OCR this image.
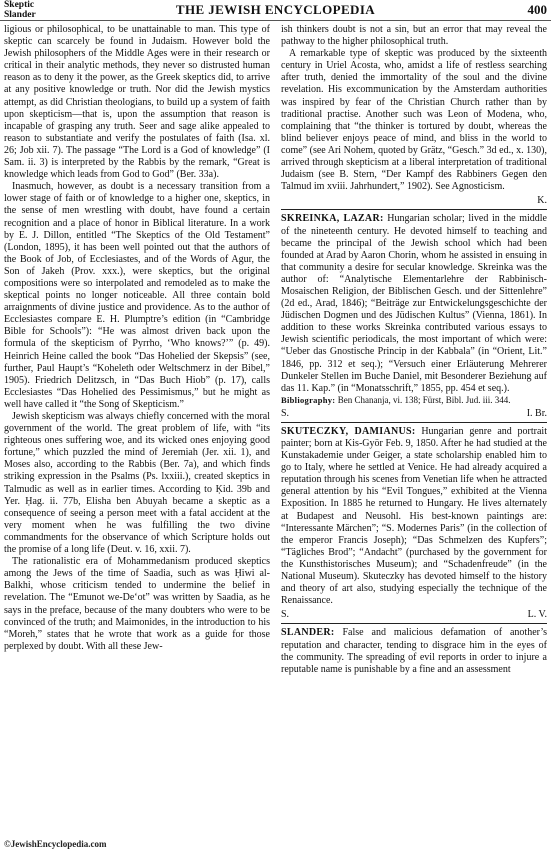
Skeptic
Slander	THE JEWISH ENCYCLOPEDIA	400

ligious or philosophical, to be unattainable to man. This type of skeptic can scarcely be found in Judaism. However bold the Jewish philosophers of the Middle Ages were in their research or critical in their analytic methods, they never so distrusted human reason as to deny it the power, as the Greek skeptics did, to arrive at any positive knowledge or truth. Nor did the Jewish mystics attempt, as did Christian theologians, to build up a system of faith upon skepticism—that is, upon the assumption that reason is incapable of grasping any truth. Seer and sage alike appealed to reason to substantiate and verify the postulates of faith (Isa. xl. 26; Job xii. 7). The passage “The Lord is a God of knowledge” (I Sam. ii. 3) is interpreted by the Rabbis by the remark, “Great is knowledge which leads from God to God” (Ber. 33a).

Inasmuch, however, as doubt is a necessary transition from a lower stage of faith or of knowledge to a higher one, skeptics, in the sense of men wrestling with doubt, have found a certain recognition and a place of honor in Biblical literature. In a work by E. J. Dillon, entitled “The Skeptics of the Old Testament” (London, 1895), it has been well pointed out that the authors of the Book of Job, of Ecclesiastes, and of the Words of Agur, the Son of Jakeh (Prov. xxx.), were skeptics, but the original compositions were so interpolated and remodeled as to make the skeptical points no longer noticeable. All three contain bold arraignments of divine justice and providence. As to the author of Ecclesiastes compare E. H. Plumptre’s edition (in “Cambridge Bible for Schools”): “He was almost driven back upon the formula of the skepticism of Pyrrho, ‘Who knows?’” (p. 49). Heinrich Heine called the book “Das Hohelied der Skepsis” (see, further, Paul Haupt’s “Koheleth oder Weltschmerz in der Bibel,” 1905). Friedrich Delitzsch, in “Das Buch Hiob” (p. 17), calls Ecclesiastes “Das Hohelied des Pessimismus,” but he might as well have called it “the Song of Skepticism.”

Jewish skepticism was always chiefly concerned with the moral government of the world. The great problem of life, with “its righteous ones suffering woe, and its wicked ones enjoying good fortune,” which puzzled the mind of Jeremiah (Jer. xii. 1), and Moses also, according to the Rabbis (Ber. 7a), and which finds striking expression in the Psalms (Ps. lxxiii.), created skeptics in Talmudic as well as in earlier times. According to Ḳid. 39b and Yer. Ḥag. ii. 77b, Elisha ben Abuyah became a skeptic as a consequence of seeing a person meet with a fatal accident at the very moment when he was fulfilling the two divine commandments for the observance of which Scripture holds out the promise of a long life (Deut. v. 16, xxii. 7).

The rationalistic era of Mohammedanism produced skeptics among the Jews of the time of Saadia, such as was Ḥiwi al-Balkhi, whose criticism tended to undermine the belief in revelation. The “Emunot we-De‘ot” was written by Saadia, as he says in the preface, because of the many doubters who were to be convinced of the truth; and Maimonides, in the introduction to his “Moreh,” states that he wrote that work as a guide for those perplexed by doubt. With all these Jew-

ish thinkers doubt is not a sin, but an error that may reveal the pathway to the higher philosophical truth.

A remarkable type of skeptic was produced by the sixteenth century in Uriel Acosta, who, amidst a life of restless searching after truth, denied the immortality of the soul and the divine revelation. His excommunication by the Amsterdam authorities was inspired by fear of the Christian Church rather than by traditional practise. Another such was Leon of Modena, who, complaining that “the thinker is tortured by doubt, whereas the blind believer enjoys peace of mind, and bliss in the world to come” (see Ari Nohem, quoted by Grätz, “Gesch.” 3d ed., x. 130), arrived through skepticism at a liberal interpretation of traditional Judaism (see B. Stern, “Der Kampf des Rabbiners Gegen den Talmud im xviii. Jahrhundert,” 1902). See Agnosticism.

K.

SKREINKA, LAZAR: Hungarian scholar; lived in the middle of the nineteenth century. He devoted himself to teaching and became the principal of the Jewish school which had been founded at Arad by Aaron Chorin, whom he assisted in ensuing in that community a desire for secular knowledge. Skreinka was the author of: “Analytische Elementarlehre der Rabbinisch-Mosaischen Religion, der Biblischen Gesch. und der Sittenlehre” (2d ed., Arad, 1846); “Beiträge zur Entwickelungsgeschichte der Jüdischen Dogmen und des Jüdischen Kultus” (Vienna, 1861). In addition to these works Skreinka contributed various essays to Jewish scientific periodicals, the most important of which were: “Ueber das Gnostische Princip in der Kabbala” (in “Orient, Lit.” 1846, pp. 312 et seq.); “Versuch einer Erläuterung Mehrerer Dunkeler Stellen im Buche Daniel, mit Besonderer Beziehung auf das 11. Kap.” (in “Monatsschrift,” 1855, pp. 454 et seq.).

Bibliography: Ben Chananja, vi. 138; Fürst, Bibl. Jud. iii. 344.

S.	I. Br.

SKUTECZKY, DAMIANUS: Hungarian genre and portrait painter; born at Kis-Györ Feb. 9, 1850. After he had studied at the Kunstakademie under Geiger, a state scholarship enabled him to go to Italy, where he settled at Venice. He had already acquired a reputation through his scenes from Venetian life when he attracted general attention by his “Evil Tongues,” exhibited at the Vienna Exposition. In 1885 he returned to Hungary. He lives alternately at Budapest and Neusohl. His best-known paintings are: “Interessante Märchen”; “S. Modernes Paris” (in the collection of the emperor Francis Joseph); “Das Schmelzen des Kupfers”; “Tägliches Brod”; “Andacht” (purchased by the government for the Kunsthistorisches Museum); and “Schadenfreude” (in the National Museum). Skuteczky has devoted himself to the history and theory of art also, studying especially the technique of the Renaissance.

S.	L. V.

SLANDER: False and malicious defamation of another’s reputation and character, tending to disgrace him in the eyes of the community. The spreading of evil reports in order to injure a reputable name is punishable by a fine and an assessment

©JewishEncyclopedia.com
